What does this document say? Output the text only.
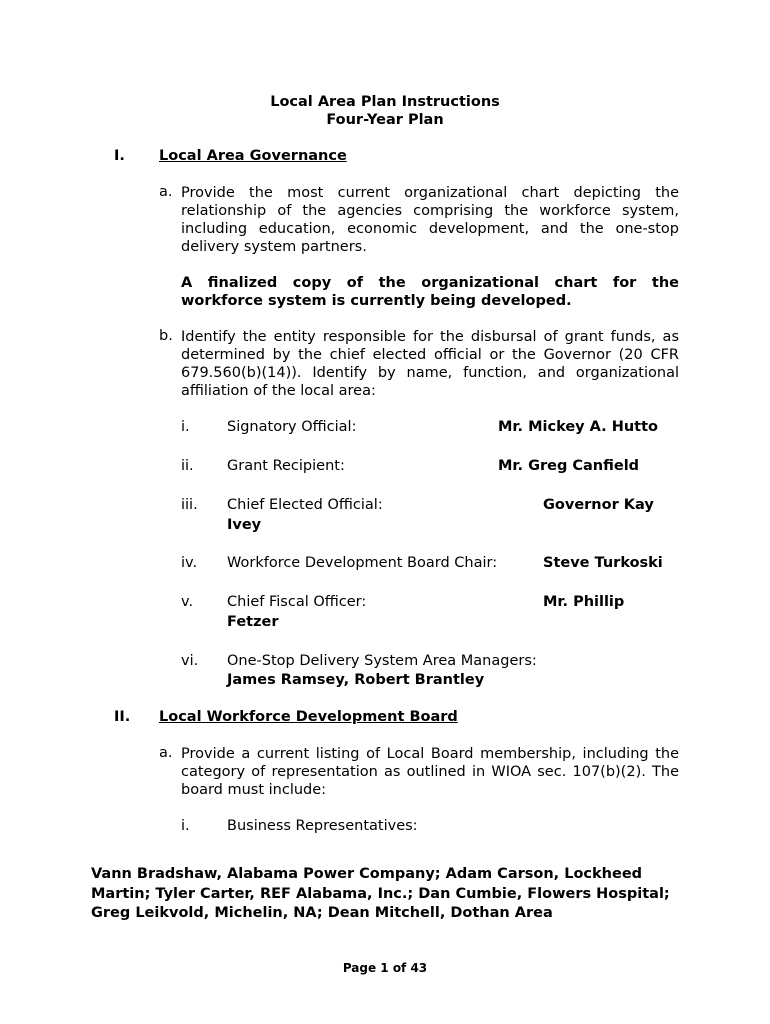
Local Area Plan Instructions
Four-Year Plan
I. Local Area Governance
a. Provide the most current organizational chart depicting the relationship of the agencies comprising the workforce system, including education, economic development, and the one-stop delivery system partners.
A finalized copy of the organizational chart for the workforce system is currently being developed.
b. Identify the entity responsible for the disbursal of grant funds, as determined by the chief elected official or the Governor (20 CFR 679.560(b)(14)). Identify by name, function, and organizational affiliation of the local area:
i.	Signatory Official:	Mr. Mickey A. Hutto
ii. Grant Recipient:	Mr. Greg Canfield
iii. Chief Elected Official:	Governor Kay
Ivey
iv. Workforce Development Board Chair:	Steve Turkoski
v. Chief Fiscal Officer:	Mr. Phillip
Fetzer
vi. One-Stop Delivery System Area Managers:
James Ramsey, Robert Brantley
II. Local Workforce Development Board
a. Provide a current listing of Local Board membership, including the category of representation as outlined in WIOA sec. 107(b)(2). The board must include:
i.	Business Representatives:
Vann Bradshaw, Alabama Power Company; Adam Carson, Lockheed Martin; Tyler Carter, REF Alabama, Inc.; Dan Cumbie, Flowers Hospital; Greg Leikvold, Michelin, NA; Dean Mitchell, Dothan Area
Page 1 of 43
